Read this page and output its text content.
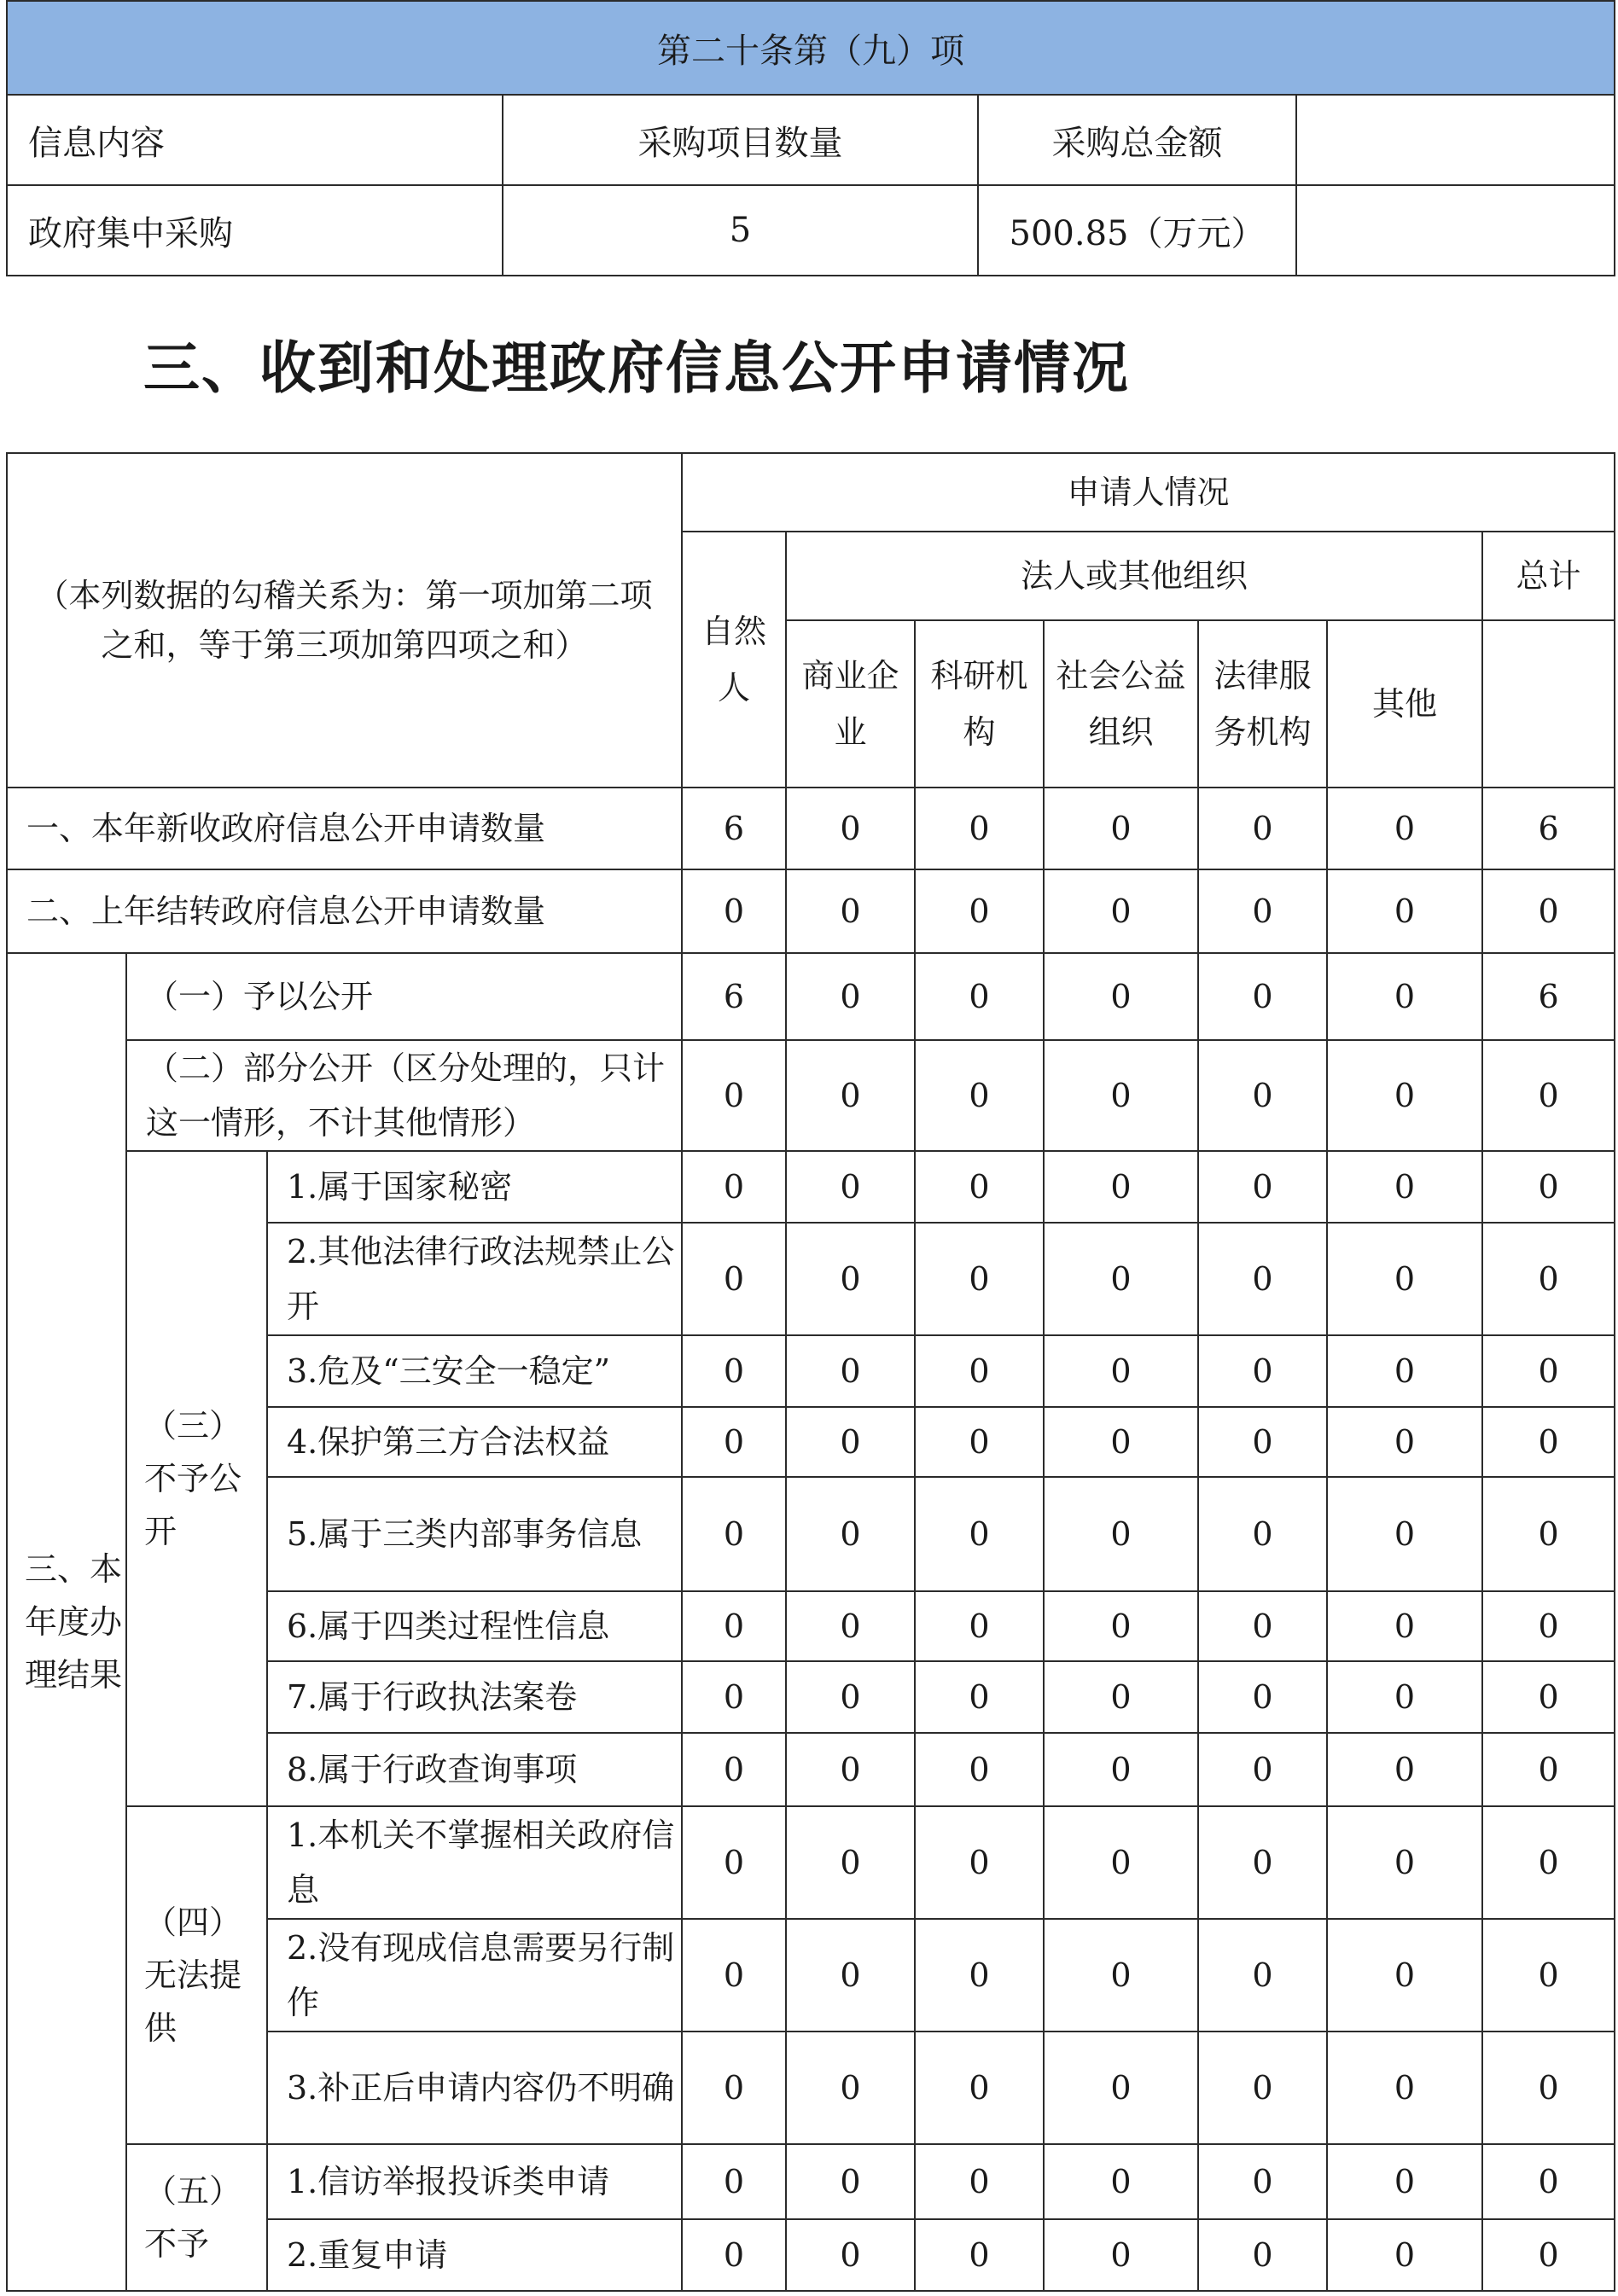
第二十条第（九）项			
信息内容	采购项目数量	采购总金额	
政府集中采购	5	500.85（万元）	
三、收到和处理政府信息公开申请情况
（本列数据的勾稽关系为：第一项加第二项之和，等于第三项加第四项之和）			申请人情况						
			自然人	法人或其他组织					总计
				商业企业	科研机构	社会公益组织	法律服务机构	其他	
一、本年新收政府信息公开申请数量			6	0	0	0	0	0	6
二、上年结转政府信息公开申请数量			0	0	0	0	0	0	0
三、本年度办理结果	（一）予以公开		6	0	0	0	0	0	6
	（二）部分公开（区分处理的，只计这一情形，不计其他情形）		0	0	0	0	0	0	0
	（三）不予公开	1.属于国家秘密	0	0	0	0	0	0	0
		2.其他法律行政法规禁止公开	0	0	0	0	0	0	0
		3.危及“三安全一稳定”	0	0	0	0	0	0	0
		4.保护第三方合法权益	0	0	0	0	0	0	0
		5.属于三类内部事务信息	0	0	0	0	0	0	0
		6.属于四类过程性信息	0	0	0	0	0	0	0
		7.属于行政执法案卷	0	0	0	0	0	0	0
		8.属于行政查询事项	0	0	0	0	0	0	0
	（四）无法提供	1.本机关不掌握相关政府信息	0	0	0	0	0	0	0
		2.没有现成信息需要另行制作	0	0	0	0	0	0	0
		3.补正后申请内容仍不明确	0	0	0	0	0	0	0
	（五）不予	1.信访举报投诉类申请	0	0	0	0	0	0	0
		2.重复申请	0	0	0	0	0	0	0
